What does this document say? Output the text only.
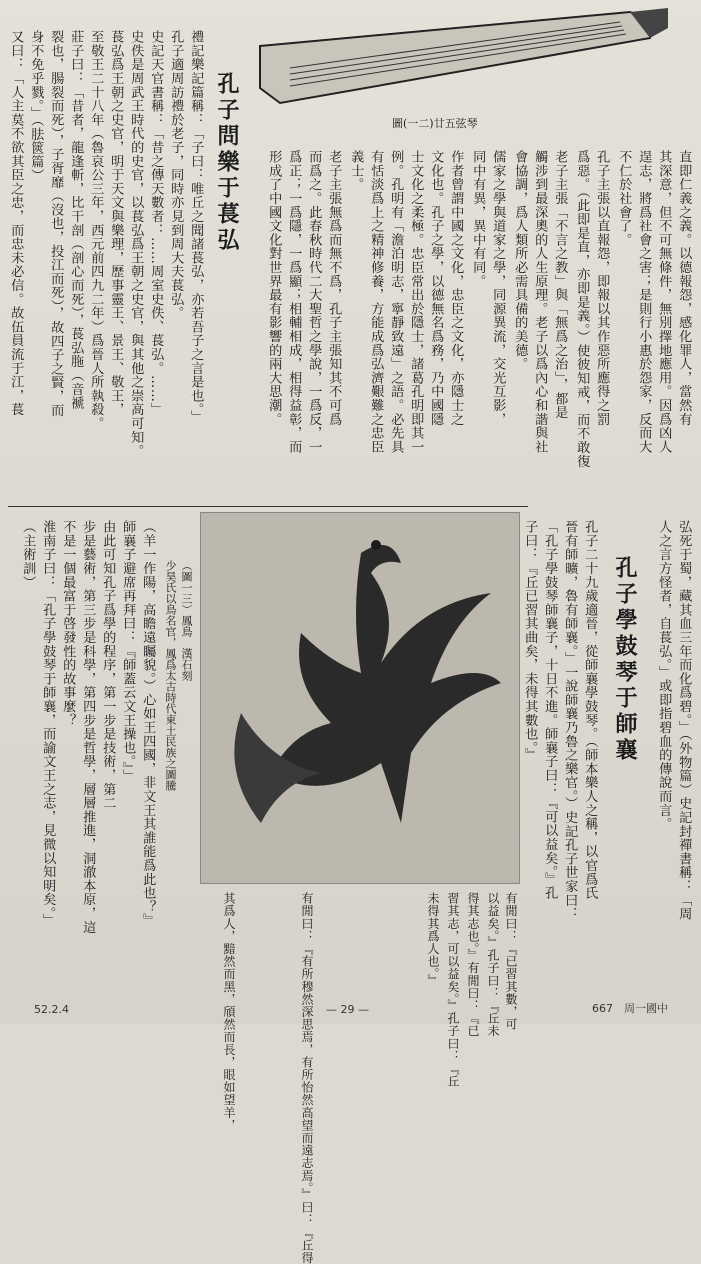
圖(一二)廿五弦琴
孔子問樂于萇弘
禮記樂記篇稱：「子曰：唯丘之聞諸萇弘，亦若吾子之言是也。」
孔子適周訪禮於老子，同時亦見到周大夫萇弘。
史記天官書稱：「昔之傳天數者：……周室史佚、萇弘。……」
史佚是周武王時代的史官，以萇弘爲王朝之史官，與其他之崇高可知。
萇弘爲王朝之史官，明于天文與樂理，歷事靈王、景王、敬王，
至敬王二十八年（魯哀公三年，西元前四九二年）爲晉人所執殺。
莊子曰：「昔者，龍逢斬，比干剖（剖心而死），萇弘胣（音褫
裂也，腸裂而死），子胥靡（沒也，投江而死），故四子之賢，而
身不免乎戮。」（胠篋篇）
又曰：「人主莫不欲其臣之忠，而忠未必信。故伍員流于江，萇	直即仁義之義。以德報怨，感化罪人，當然有
其深意，但不可無條件，無別擇地應用。因爲凶人
逞志，將爲社會之害；是則行小惠於怨家，反而大
不仁於社會了。
孔子主張以直報怨，即報以其作惡所應得之罰
爲惡。（此即是直，亦即是義。）使彼知戒，而不敢復
老子主張「不言之教」與「無爲之治」，都是
觸涉到最深奧的人生原理。老子以爲內心和諧與社
會協調，爲人類所必需具備的美德。
儒家之學與道家之學，同源異流，交光互影，
同中有異，異中有同。
作者曾謂中國之文化，忠臣之文化，亦隱士之
文化也。孔子之學，以德無名爲務，乃中國隱
士文化之柔極。忠臣常出於隱士，諸葛孔明即其一
例。孔明有「澹泊明志，寧靜致遠」之語。必先具
有恬淡爲上之精神修養，方能成爲弘濟艱難之忠臣
義士。
老子主張無爲而無不爲，孔子主張知其不可爲
而爲之。此春秋時代二大聖哲之學說，一爲反，一
爲正；一爲隱，一爲顯；相輔相成，相得益彰，而
形成了中國文化對世界最有影響的兩大思潮。
（圖一三）鳳鳥　漢石刻
少昊氏以鳥名官，鳳爲太古時代東土民族之圖騰	弘死于蜀，藏其血三年而化爲碧。」（外物篇）史記封禪書稱：「周
人之言方怪者，自萇弘。」或即指碧血的傳說而言。
孔子學鼓琴于師襄
孔子二十九歲適晉，從師襄學鼓琴。（師本樂人之稱，以官爲氏
晉有師曠，魯有師襄。」一說師襄乃魯之樂官。）史記孔子世家曰：
「孔子學鼓琴師襄子，十日不進。師襄子曰：『可以益矣。』孔
子曰：『丘已習其曲矣，未得其數也。』
有閒曰：『已習其數，可
以益矣。』孔子曰：『丘未
得其志也。』有閒曰：『已
習其志，可以益矣。』孔子曰：『丘
未得其爲人也。』
有閒曰：『有所穆然深思焉，有所怡然高望而遠志焉。』曰：『丘得
其爲人，黯然而黑，頎然而長，眼如望羊，
（羊一作陽，高瞻遠矚貌。）心如王四國，非文王其誰能爲此也？』
師襄子避席再拜曰：『師蓋云文王操也。』」
由此可知孔子爲學的程序，第一步是技術，第二
步是藝術，第三步是科學，第四步是哲學，層層推進，洞澈本原，這
不是一個最富于啓發性的故事麼？
淮南子曰：「孔子學鼓琴于師襄，而諭文王之志，見微以知明矣。」
（主術訓）
52.2.4	— 29 —	667　周一國中
